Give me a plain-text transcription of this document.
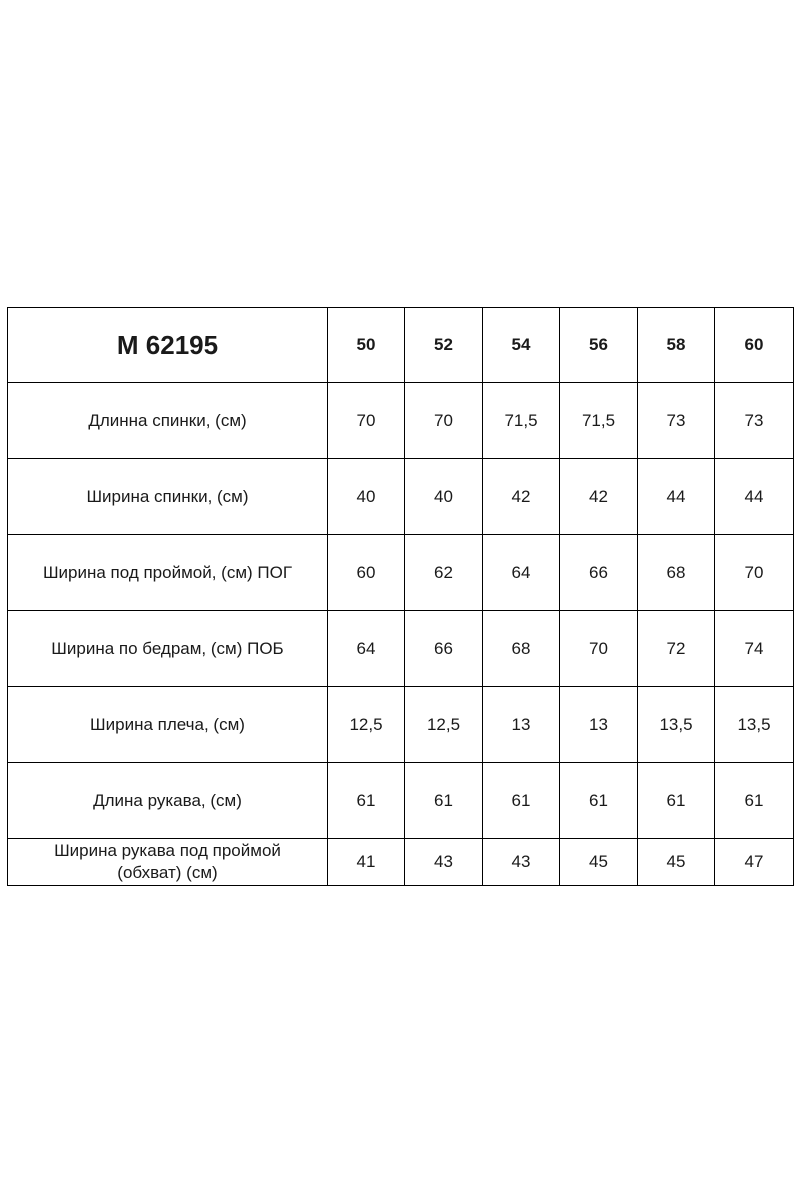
М 62195	50	52	54	56	58	60
Длинна спинки, (см)	70	70	71,5	71,5	73	73
Ширина спинки, (см)	40	40	42	42	44	44
Ширина под проймой, (см) ПОГ	60	62	64	66	68	70
Ширина по бедрам, (см) ПОБ	64	66	68	70	72	74
Ширина плеча, (см)	12,5	12,5	13	13	13,5	13,5
Длина рукава, (см)	61	61	61	61	61	61
Ширина рукава под проймой (обхват) (см)	41	43	43	45	45	47
